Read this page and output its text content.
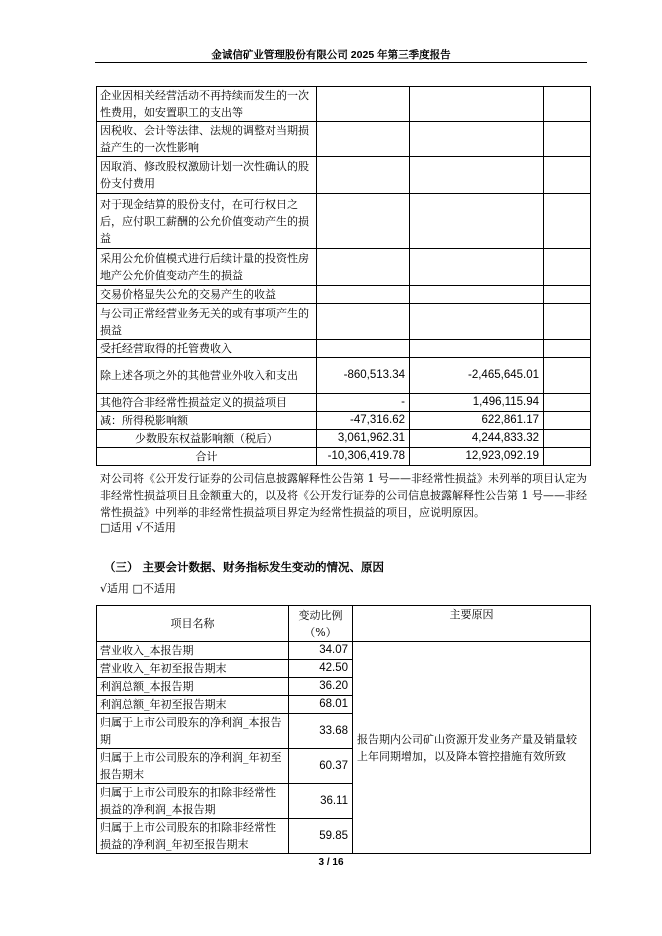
金诚信矿业管理股份有限公司 2025 年第三季度报告
企业因相关经营活动不再持续而发生的一次性费用，如安置职工的支出等			
因税收、会计等法律、法规的调整对当期损益产生的一次性影响			
因取消、修改股权激励计划一次性确认的股份支付费用			
对于现金结算的股份支付，在可行权日之后，应付职工薪酬的公允价值变动产生的损益			
采用公允价值模式进行后续计量的投资性房地产公允价值变动产生的损益			
交易价格显失公允的交易产生的收益			
与公司正常经营业务无关的或有事项产生的损益			
受托经营取得的托管费收入			
除上述各项之外的其他营业外收入和支出	-860,513.34	-2,465,645.01	
其他符合非经常性损益定义的损益项目	-	1,496,115.94	
减：所得税影响额	-47,316.62	622,861.17	
少数股东权益影响额（税后）	3,061,962.31	4,244,833.32	
合计	-10,306,419.78	12,923,092.19	
对公司将《公开发行证券的公司信息披露解释性公告第 1 号——非经常性损益》未列举的项目认定为非经常性损益项目且金额重大的，以及将《公开发行证券的公司信息披露解释性公告第 1 号——非经常性损益》中列举的非经常性损益项目界定为经常性损益的项目，应说明原因。
□适用 √不适用
（三） 主要会计数据、财务指标发生变动的情况、原因
√适用 □不适用
项目名称	变动比例（%）	主要原因
营业收入_本报告期	34.07	报告期内公司矿山资源开发业务产量及销量较上年同期增加，以及降本管控措施有效所致
营业收入_年初至报告期末	42.50	
利润总额_本报告期	36.20	
利润总额_年初至报告期末	68.01	
归属于上市公司股东的净利润_本报告期	33.68	
归属于上市公司股东的净利润_年初至报告期末	60.37	
归属于上市公司股东的扣除非经常性损益的净利润_本报告期	36.11	
归属于上市公司股东的扣除非经常性损益的净利润_年初至报告期末	59.85	
3 / 16
